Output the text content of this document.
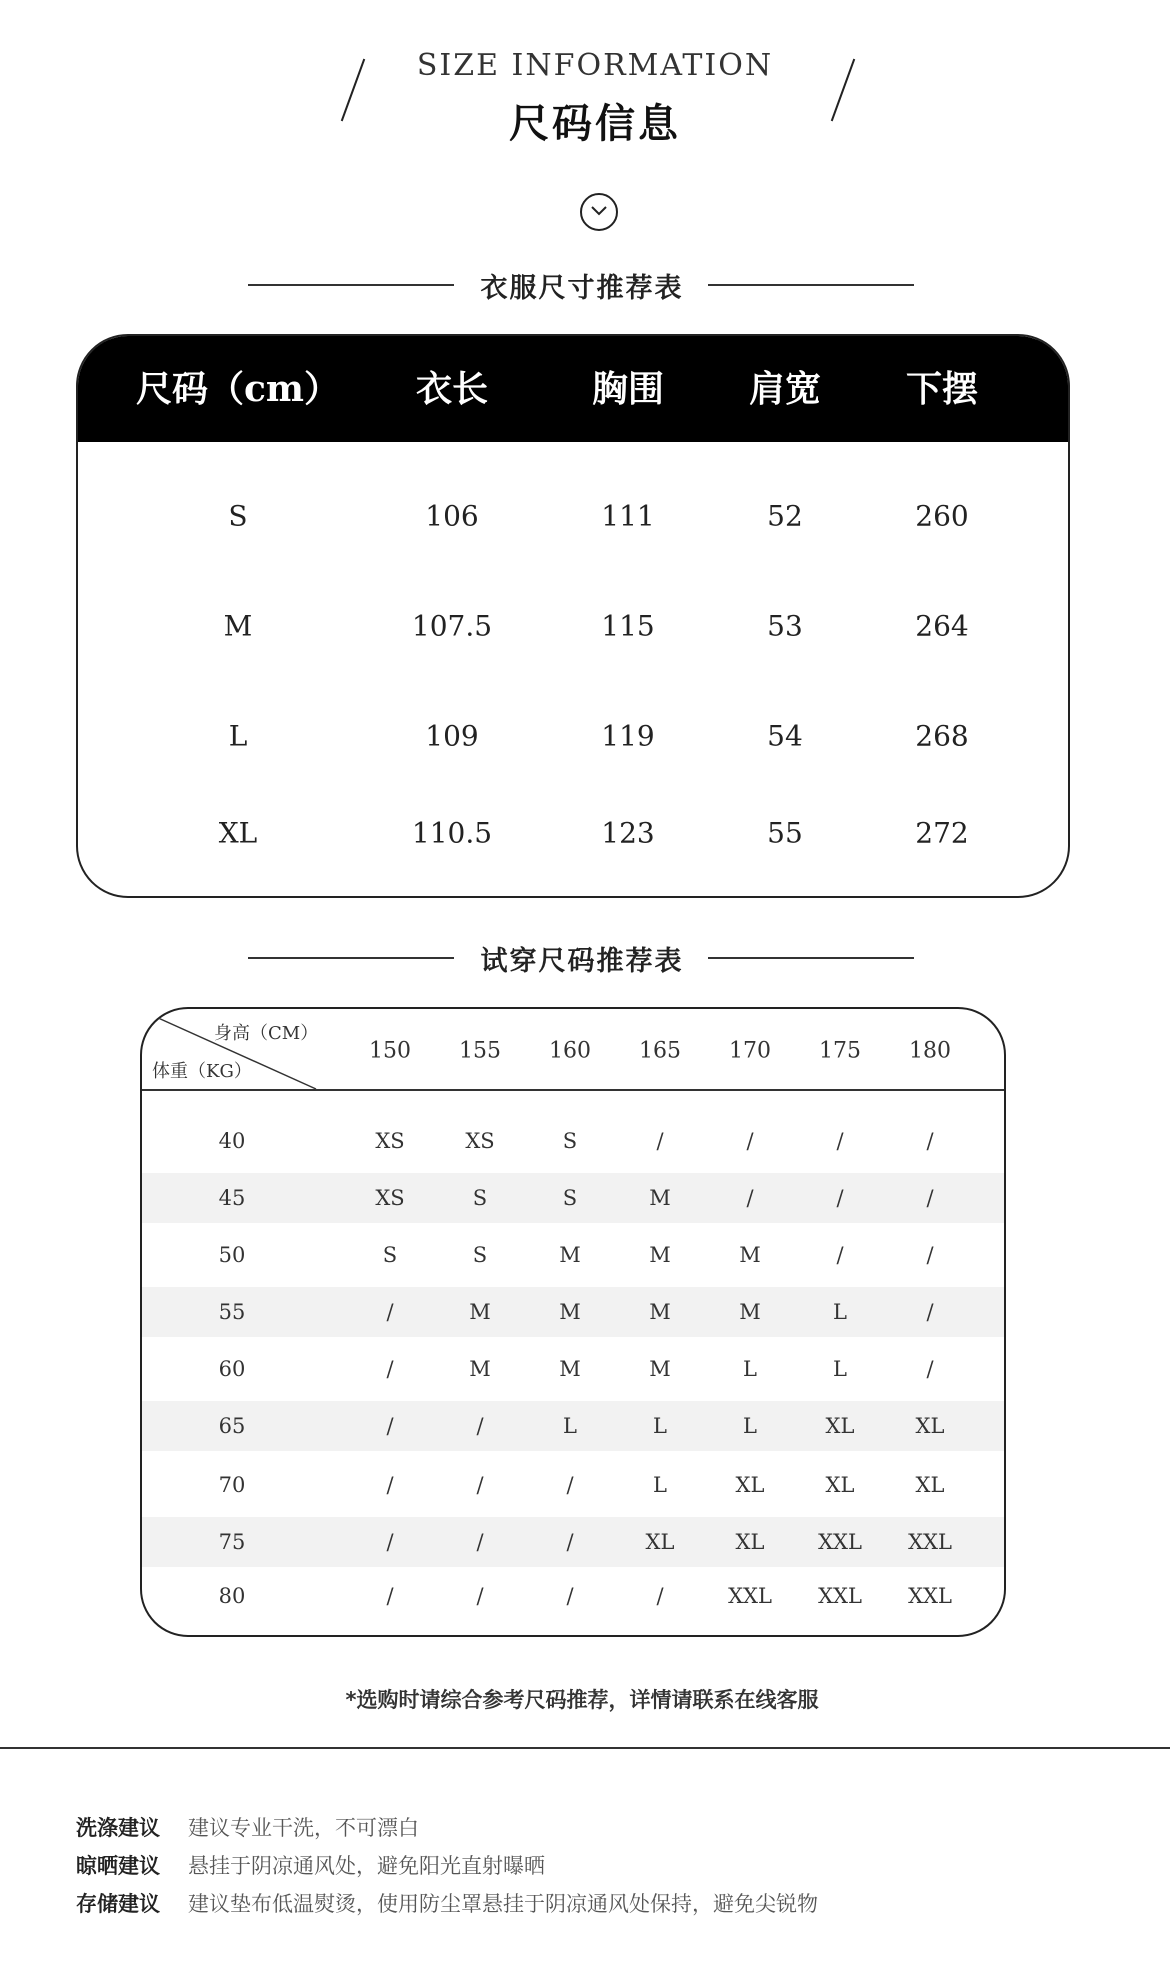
SIZE INFORMATION
尺码信息
衣服尺寸推荐表
尺码（cm） 衣长	胸围 肩宽 下摆
S	106	111	52	260
M	107.5	115	53	264
L	109	119	54	268
XL	110.5	123	55	272
试穿尺码推荐表
身高（CM）
体重（KG）
150 155 160 165 170 175 180
40	XS	XS	S	/	/	/	/
45	XS	S	S	M	/	/	/
50	S	S	M	M	M	/	/
55	/	M	M	M	M	L	/
60	/	M	M	M	L	L	/
65	/	/	L	L	L	XL	XL
70	/	/	/	L	XL	XL	XL
75	/	/	/	XL	XL	XXL XXL
80	/	/	/	/	XXL XXL XXL
*选购时请综合参考尺码推荐，详情请联系在线客服
洗涤建议 建议专业干洗，不可漂白
晾晒建议 悬挂于阴凉通风处，避免阳光直射曝晒
存储建议 建议垫布低温熨烫，使用防尘罩悬挂于阴凉通风处保持，避免尖锐物
